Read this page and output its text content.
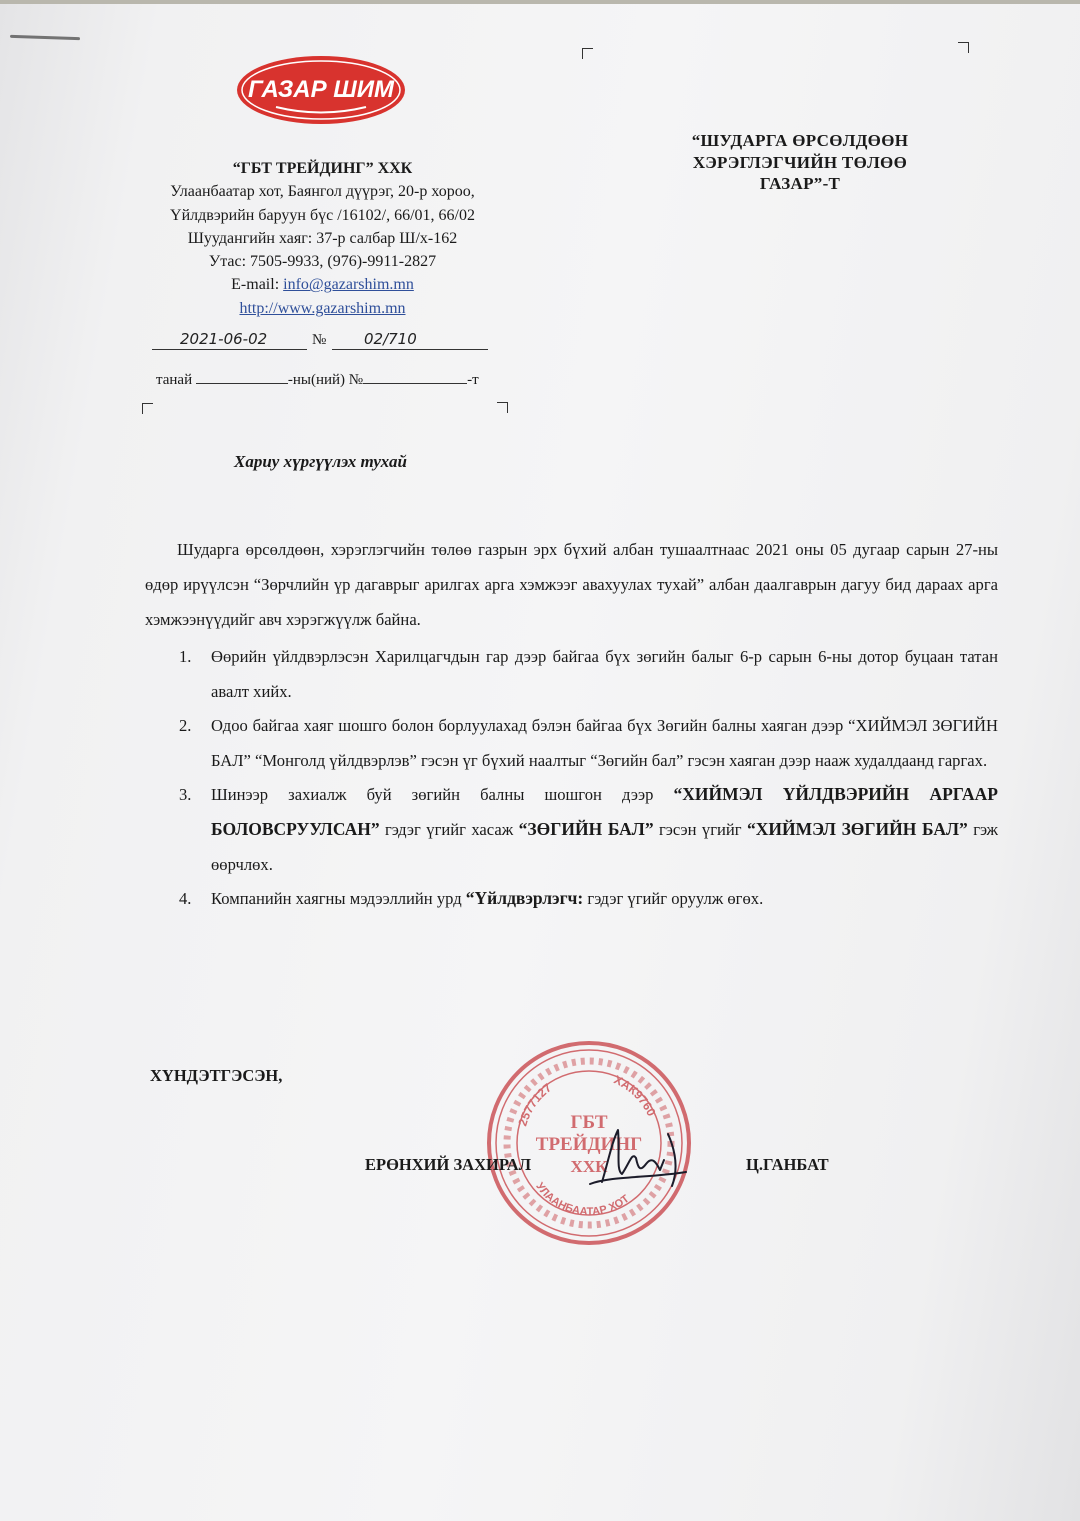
ГАЗАР ШИМ
“ГБТ ТРЕЙДИНГ” ХХК
Улаанбаатар хот, Баянгол дүүрэг, 20-р хороо,
Үйлдвэрийн баруун бүс /16102/, 66/01, 66/02
Шуудангийн хаяг: 37-р салбар Ш/х-162
Утас: 7505-9933, (976)-9911-2827
E-mail: info@gazarshim.mn
http://www.gazarshim.mn
“ШУДАРГА ӨРСӨЛДӨӨН
ХЭРЭГЛЭГЧИЙН ТӨЛӨӨ
ГАЗАР”-Т
2021-06-02	№	02/710
танай	-ны(ний) №	-т
Хариу хүргүүлэх тухай

Шударга өрсөлдөөн, хэрэглэгчийн төлөө газрын эрх бүхий албан тушаалтнаас 2021 оны 05 дугаар сарын 27-ны өдөр ирүүлсэн “Зөрчлийн үр дагаврыг арилгах арга хэмжээг авахуулах тухай” албан даалгаврын дагуу бид дараах арга хэмжээнүүдийг авч хэрэгжүүлж байна.

1. Өөрийн үйлдвэрлэсэн Харилцагчдын гар дээр байгаа бүх зөгийн балыг 6-р сарын 6-ны дотор буцаан татан авалт хийх.
2. Одоо байгаа хаяг шошго болон борлуулахад бэлэн байгаа бүх Зөгийн балны хаяган дээр “ХИЙМЭЛ ЗӨГИЙН БАЛ” “Монголд үйлдвэрлэв” гэсэн үг бүхий наалтыг “Зөгийн бал” гэсэн хаяган дээр нааж худалдаанд гаргах.
3. Шинээр захиалж буй зөгийн балны шошгон дээр “ХИЙМЭЛ ҮЙЛДВЭРИЙН АРГААР БОЛОВСРУУЛСАН” гэдэг үгийг хасаж “ЗӨГИЙН БАЛ” гэсэн үгийг “ХИЙМЭЛ ЗӨГИЙН БАЛ” гэж өөрчлөх.
4. Компанийн хаягны мэдээллийн урд “Үйлдвэрлэгч: гэдэг үгийг оруулж өгөх.
ХҮНДЭТГЭСЭН,
2577127	ХАК9760
УЛААНБААТАР ХОТ
ГБТ
ТРЕЙДИНГ
ХХК
ЕРӨНХИЙ ЗАХИРАЛ	Ц.ГАНБАТ
